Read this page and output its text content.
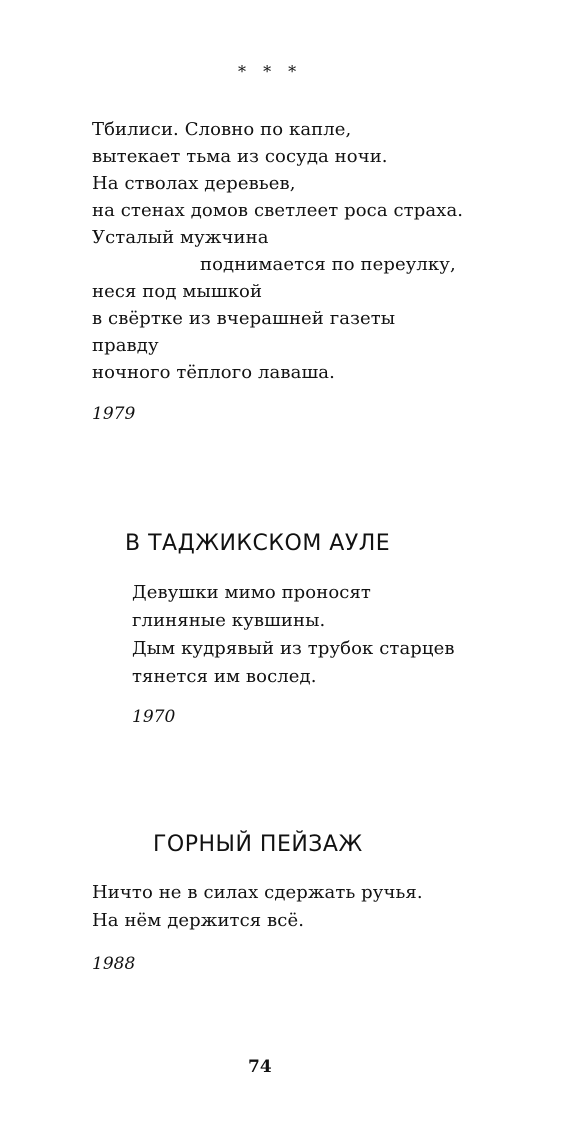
* * *
Тбилиси. Словно по капле,
вытекает тьма из сосуда ночи.
На стволах деревьев,
на стенах домов светлеет роса страха.
Усталый мужчина
поднимается по переулку,
неся под мышкой
в свёртке из вчерашней газеты
правду
ночного тёплого лаваша.
1979
В ТАДЖИКСКОМ АУЛЕ
Девушки мимо проносят
глиняные кувшины.
Дым кудрявый из трубок старцев
тянется им вослед.
1970
ГОРНЫЙ ПЕЙЗАЖ
Ничто не в силах сдержать ручья.
На нём держится всё.
1988
74
